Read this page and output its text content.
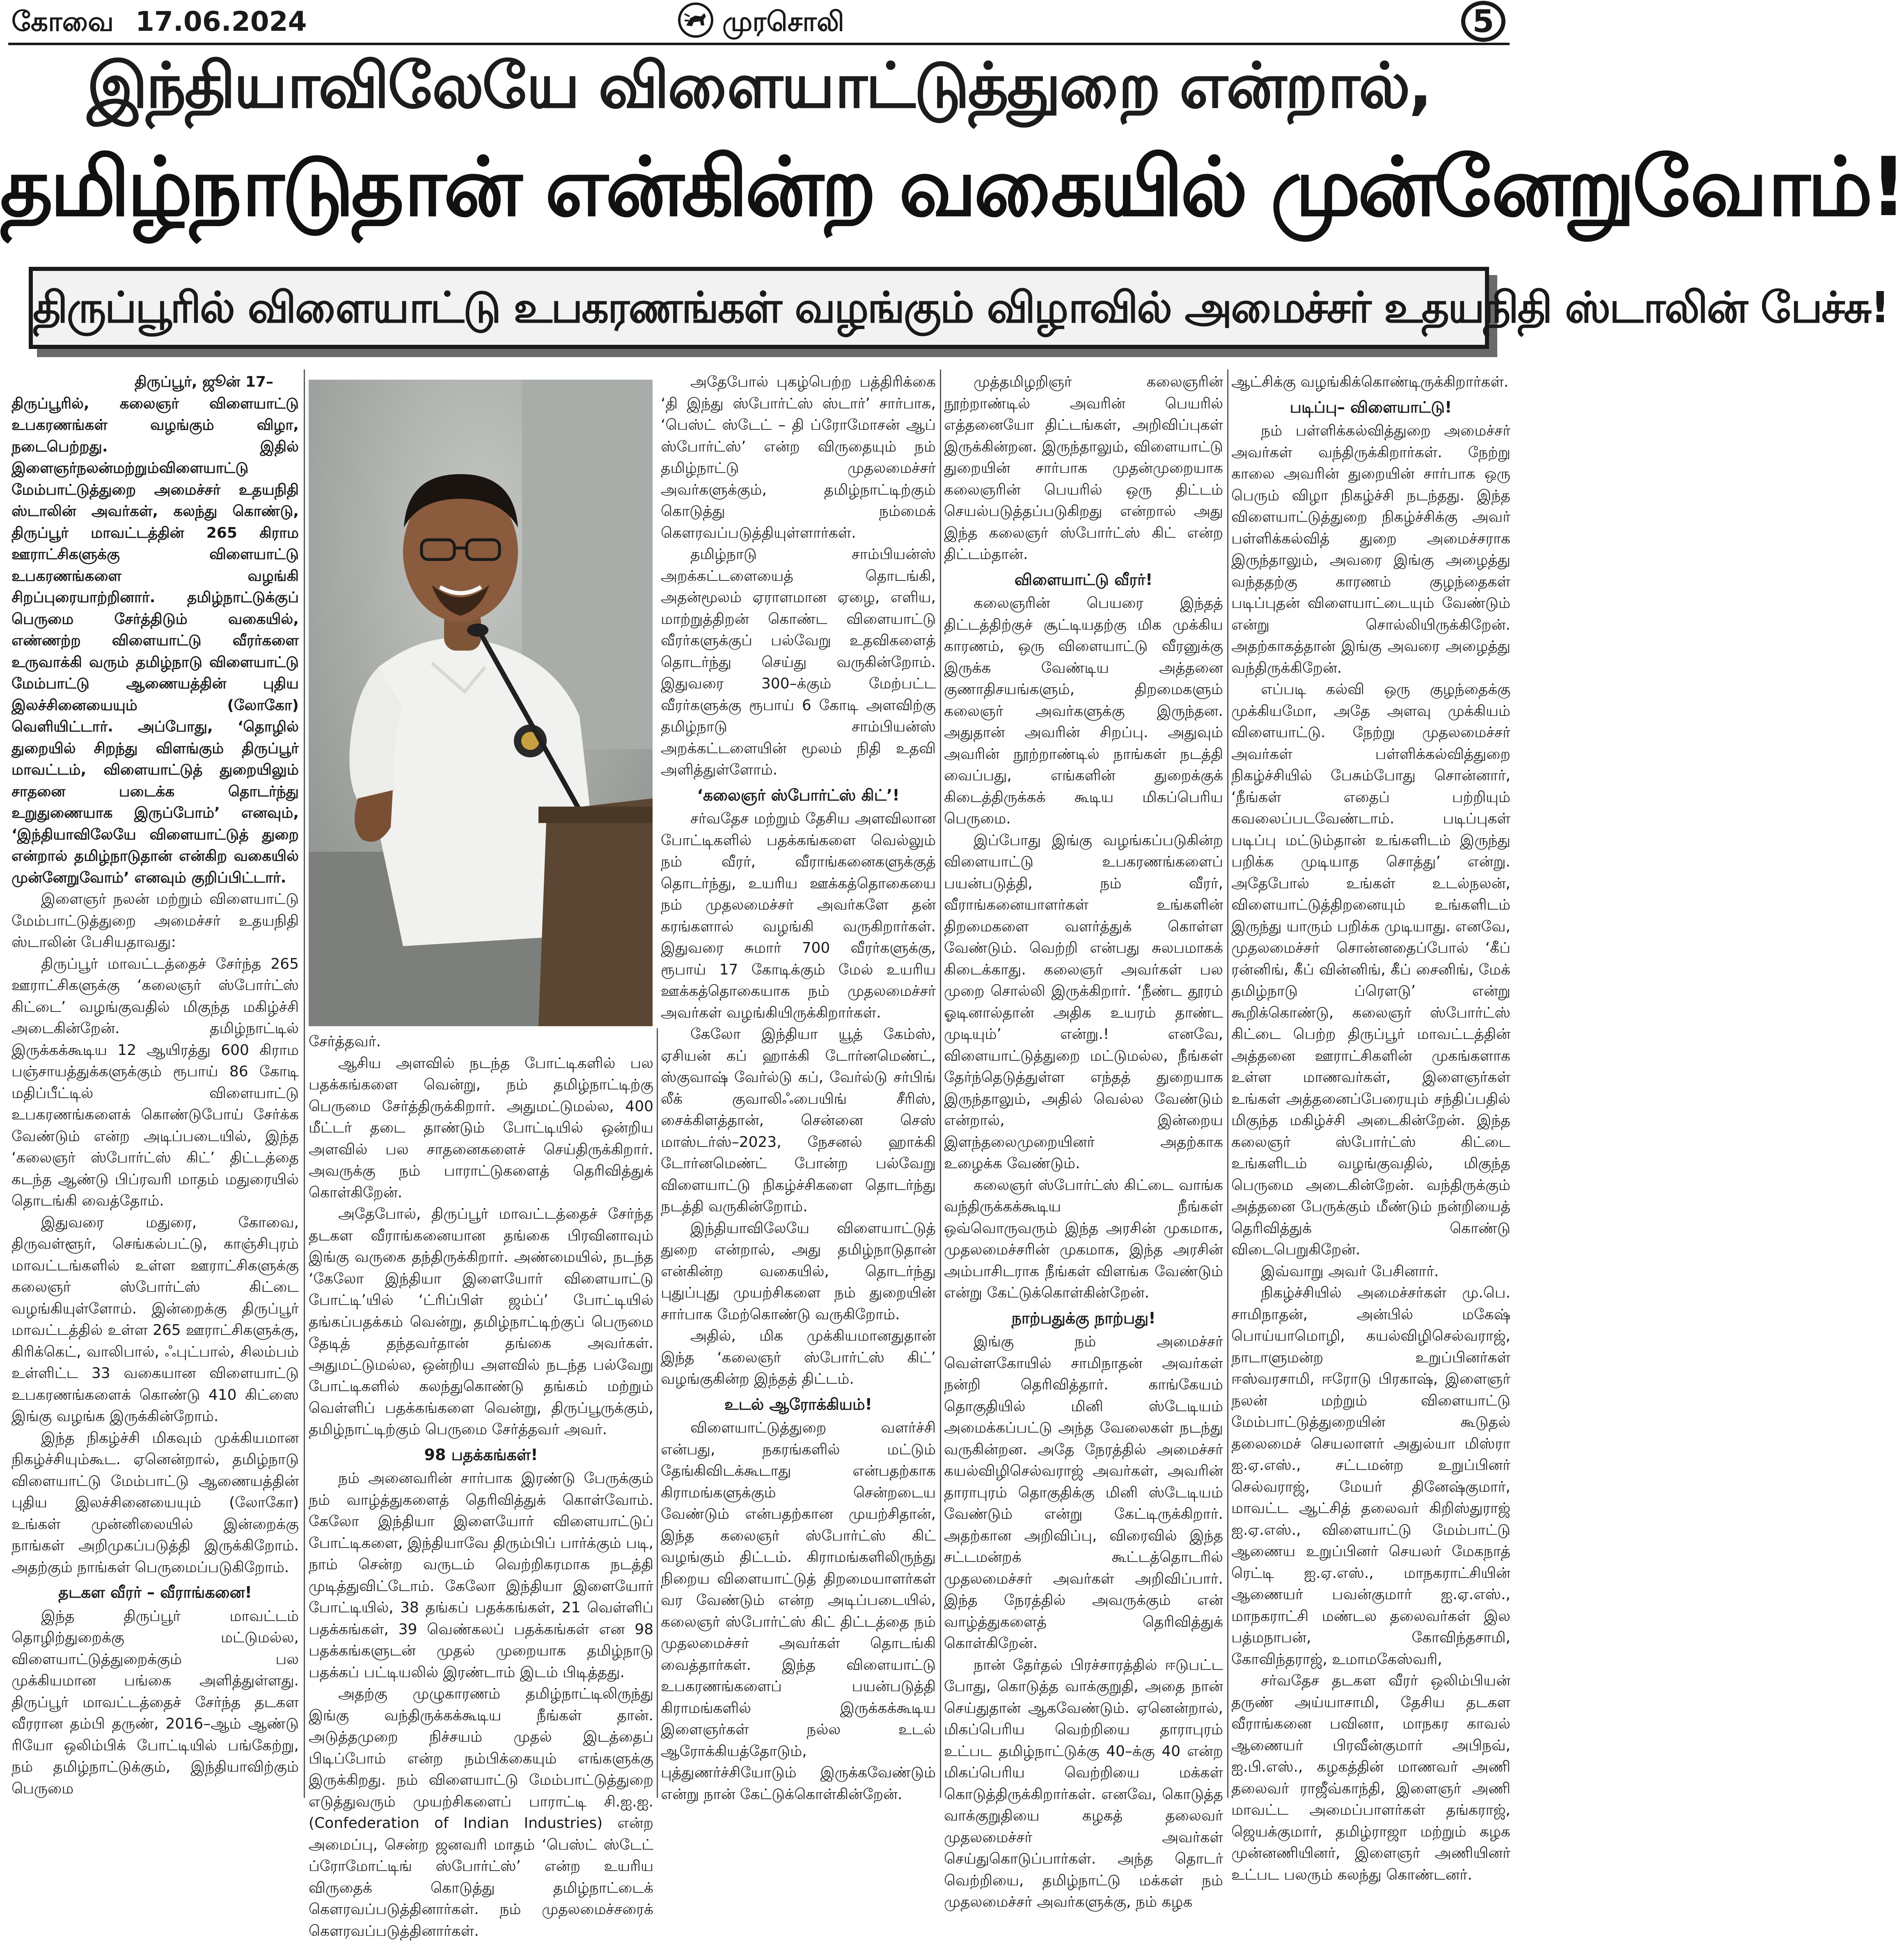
கோவை 17.06.2024	முரசொலி	5
இந்தியாவிலேயே விளையாட்டுத்துறை என்றால்,
தமிழ்நாடுதான் என்கின்ற வகையில் முன்னேறுவோம்!
திருப்பூரில் விளையாட்டு உபகரணங்கள் வழங்கும் விழாவில் அமைச்சர் உதயநிதி ஸ்டாலின் பேச்சு!

திருப்பூர், ஜூன் 17–

திருப்பூரில், கலைஞர் விளையாட்டு உபகரணங்கள் வழங்கும் விழா, நடைபெற்றது. இதில் இளைஞர்நலன்மற்றும்விளையாட்டு மேம்பாட்டுத்துறை அமைச்சர் உதயநிதி ஸ்டாலின் அவர்கள், கலந்து கொண்டு, திருப்பூர் மாவட்டத்தின் 265 கிராம ஊராட்சிகளுக்கு விளையாட்டு உபகரணங்களை வழங்கி சிறப்புரையாற்றினார். தமிழ்நாட்டுக்குப் பெருமை சேர்த்திடும் வகையில், எண்ணற்ற விளையாட்டு வீரர்களை உருவாக்கி வரும் தமிழ்நாடு விளையாட்டு மேம்பாட்டு ஆணையத்தின் புதிய இலச்சினையையும் (லோகோ) வெளியிட்டார். அப்போது, ‘தொழில் துறையில் சிறந்து விளங்கும் திருப்பூர் மாவட்டம், விளையாட்டுத் துறையிலும் சாதனை படைக்க தொடர்ந்து உறுதுணையாக இருப்போம்’ எனவும், ‘இந்தியாவிலேயே விளையாட்டுத் துறை என்றால் தமிழ்நாடுதான் என்கிற வகையில் முன்னேறுவோம்’ எனவும் குறிப்பிட்டார்.

இளைஞர் நலன் மற்றும் விளையாட்டு மேம்பாட்டுத்துறை அமைச்சர் உதயநிதி ஸ்டாலின் பேசியதாவது:

திருப்பூர் மாவட்டத்தைச் சேர்ந்த 265 ஊராட்சிகளுக்கு ‘கலைஞர் ஸ்போர்ட்ஸ் கிட்டை’ வழங்குவதில் மிகுந்த மகிழ்ச்சி அடைகின்றேன். தமிழ்நாட்டில் இருக்கக்கூடிய 12 ஆயிரத்து 600 கிராம பஞ்சாயத்துக்களுக்கும் ரூபாய் 86 கோடி மதிப்பீட்டில் விளையாட்டு உபகரணங்களைக் கொண்டுபோய் சேர்க்க வேண்டும் என்ற அடிப்படையில், இந்த ‘கலைஞர் ஸ்போர்ட்ஸ் கிட்’ திட்டத்தை கடந்த ஆண்டு பிப்ரவரி மாதம் மதுரையில் தொடங்கி வைத்தோம்.

இதுவரை மதுரை, கோவை, திருவள்ளூர், செங்கல்பட்டு, காஞ்சிபுரம் மாவட்டங்களில் உள்ள ஊராட்சிகளுக்கு கலைஞர் ஸ்போர்ட்ஸ் கிட்டை வழங்கியுள்ளோம். இன்றைக்கு திருப்பூர் மாவட்டத்தில் உள்ள 265 ஊராட்சிகளுக்கு, கிரிக்கெட், வாலிபால், ஃபுட்பால், சிலம்பம் உள்ளிட்ட 33 வகையான விளையாட்டு உபகரணங்களைக் கொண்டு 410 கிட்ஸை இங்கு வழங்க இருக்கின்றோம்.

இந்த நிகழ்ச்சி மிகவும் முக்கியமான நிகழ்ச்சியும்கூட. ஏனென்றால், தமிழ்நாடு விளையாட்டு மேம்பாட்டு ஆணையத்தின் புதிய இலச்சினையையும் (லோகோ) உங்கள் முன்னிலையில் இன்றைக்கு நாங்கள் அறிமுகப்படுத்தி இருக்கிறோம். அதற்கும் நாங்கள் பெருமைப்படுகிறோம்.

தடகள வீரர் – வீராங்கனை!

இந்த திருப்பூர் மாவட்டம் தொழிற்துறைக்கு மட்டுமல்ல, விளையாட்டுத்துறைக்கும் பல முக்கியமான பங்கை அளித்துள்ளது. திருப்பூர் மாவட்டத்தைச் சேர்ந்த தடகள வீரரான தம்பி தருண், 2016–ஆம் ஆண்டு ரியோ ஒலிம்பிக் போட்டியில் பங்கேற்று, நம் தமிழ்நாட்டுக்கும், இந்தியாவிற்கும் பெருமை

சேர்த்தவர்.

ஆசிய அளவில் நடந்த போட்டிகளில் பல பதக்கங்களை வென்று, நம் தமிழ்நாட்டிற்கு பெருமை சேர்த்திருக்கிறார். அதுமட்டுமல்ல, 400 மீட்டர் தடை தாண்டும் போட்டியில் ஒன்றிய அளவில் பல சாதனைகளைச் செய்திருக்கிறார். அவருக்கு நம் பாராட்டுகளைத் தெரிவித்துக் கொள்கிறேன்.

அதேபோல், திருப்பூர் மாவட்டத்தைச் சேர்ந்த தடகள வீராங்கனையான தங்கை பிரவினாவும் இங்கு வருகை தந்திருக்கிறார். அண்மையில், நடந்த ‘கேலோ இந்தியா இளையோர் விளையாட்டு போட்டி’யில் ‘ட்ரிப்பிள் ஜம்ப்’ போட்டியில் தங்கப்பதக்கம் வென்று, தமிழ்நாட்டிற்குப் பெருமை தேடித் தந்தவர்தான் தங்கை அவர்கள். அதுமட்டுமல்ல, ஒன்றிய அளவில் நடந்த பல்வேறு போட்டிகளில் கலந்துகொண்டு தங்கம் மற்றும் வெள்ளிப் பதக்கங்களை வென்று, திருப்பூருக்கும், தமிழ்நாட்டிற்கும் பெருமை சேர்த்தவர் அவர்.

98 பதக்கங்கள்!

நம் அனைவரின் சார்பாக இரண்டு பேருக்கும் நம் வாழ்த்துகளைத் தெரிவித்துக் கொள்வோம். கேலோ இந்தியா இளையோர் விளையாட்டுப் போட்டிகளை, இந்தியாவே திரும்பிப் பார்க்கும் படி, நாம் சென்ற வருடம் வெற்றிகரமாக நடத்தி முடித்துவிட்டோம். கேலோ இந்தியா இளையோர் போட்டியில், 38 தங்கப் பதக்கங்கள், 21 வெள்ளிப் பதக்கங்கள், 39 வெண்கலப் பதக்கங்கள் என 98 பதக்கங்களுடன் முதல் முறையாக தமிழ்நாடு பதக்கப் பட்டியலில் இரண்டாம் இடம் பிடித்தது.

அதற்கு முழுகாரணம் தமிழ்நாட்டிலிருந்து இங்கு வந்திருக்கக்கூடிய நீங்கள் தான். அடுத்தமுறை நிச்சயம் முதல் இடத்தைப் பிடிப்போம் என்ற நம்பிக்கையும் எங்களுக்கு இருக்கிறது. நம் விளையாட்டு மேம்பாட்டுத்துறை எடுத்துவரும் முயற்சிகளைப் பாராட்டி சி.ஐ.ஐ. (Confederation of Indian Industries) என்ற அமைப்பு, சென்ற ஜனவரி மாதம் ‘பெஸ்ட் ஸ்டேட் ப்ரோமோட்டிங் ஸ்போர்ட்ஸ்’ என்ற உயரிய விருதைக் கொடுத்து தமிழ்நாட்டைக் கௌரவப்படுத்தினார்கள். நம் முதலமைச்சரைக் கௌரவப்படுத்தினார்கள்.

அதேபோல் புகழ்பெற்ற பத்திரிக்கை ‘தி இந்து ஸ்போர்ட்ஸ் ஸ்டார்’ சார்பாக, ‘பெஸ்ட் ஸ்டேட் – தி ப்ரோமோசன் ஆப் ஸ்போர்ட்ஸ்’ என்ற விருதையும் நம் தமிழ்நாட்டு முதலமைச்சர் அவர்களுக்கும், தமிழ்நாட்டிற்கும் கொடுத்து நம்மைக் கௌரவப்படுத்தியுள்ளார்கள்.

தமிழ்நாடு சாம்பியன்ஸ் அறக்கட்டளையைத் தொடங்கி, அதன்மூலம் ஏராளமான ஏழை, எளிய, மாற்றுத்திறன் கொண்ட விளையாட்டு வீரர்களுக்குப் பல்வேறு உதவிகளைத் தொடர்ந்து செய்து வருகின்றோம். இதுவரை 300–க்கும் மேற்பட்ட வீரர்களுக்கு ரூபாய் 6 கோடி அளவிற்கு தமிழ்நாடு சாம்பியன்ஸ் அறக்கட்டளையின் மூலம் நிதி உதவி அளித்துள்ளோம்.

‘கலைஞர் ஸ்போர்ட்ஸ் கிட்’!

சர்வதேச மற்றும் தேசிய அளவிலான போட்டிகளில் பதக்கங்களை வெல்லும் நம் வீரர், வீராங்கனைகளுக்குத் தொடர்ந்து, உயரிய ஊக்கத்தொகையை நம் முதலமைச்சர் அவர்களே தன் கரங்களால் வழங்கி வருகிறார்கள். இதுவரை சுமார் 700 வீரர்களுக்கு, ரூபாய் 17 கோடிக்கும் மேல் உயரிய ஊக்கத்தொகையாக நம் முதலமைச்சர் அவர்கள் வழங்கியிருக்கிறார்கள்.

கேலோ இந்தியா யூத் கேம்ஸ், ஏசியன் கப் ஹாக்கி டோர்னமெண்ட், ஸ்குவாஷ் வேர்ல்டு கப், வேர்ல்டு சர்பிங் லீக் குவாலிஃபையிங் சீரிஸ், சைக்கிளத்தான், சென்னை செஸ் மாஸ்டர்ஸ்–2023, நேசனல் ஹாக்கி டோர்னமெண்ட் போன்ற பல்வேறு விளையாட்டு நிகழ்ச்சிகளை தொடர்ந்து நடத்தி வருகின்றோம்.

இந்தியாவிலேயே விளையாட்டுத் துறை என்றால், அது தமிழ்நாடுதான் என்கின்ற வகையில், தொடர்ந்து புதுப்புது முயற்சிகளை நம் துறையின் சார்பாக மேற்கொண்டு வருகிறோம்.

அதில், மிக முக்கியமானதுதான் இந்த ‘கலைஞர் ஸ்போர்ட்ஸ் கிட்’ வழங்குகின்ற இந்தத் திட்டம்.

உடல் ஆரோக்கியம்!

விளையாட்டுத்துறை வளர்ச்சி என்பது, நகரங்களில் மட்டும் தேங்கிவிடக்கூடாது என்பதற்காக கிராமங்களுக்கும் சென்றடைய வேண்டும் என்பதற்கான முயற்சிதான், இந்த கலைஞர் ஸ்போர்ட்ஸ் கிட் வழங்கும் திட்டம். கிராமங்களிலிருந்து நிறைய விளையாட்டுத் திறமையாளர்கள் வர வேண்டும் என்ற அடிப்படையில், கலைஞர் ஸ்போர்ட்ஸ் கிட் திட்டத்தை நம் முதலமைச்சர் அவர்கள் தொடங்கி வைத்தார்கள். இந்த விளையாட்டு உபகரணங்களைப் பயன்படுத்தி கிராமங்களில் இருக்கக்கூடிய இளைஞர்கள் நல்ல உடல் ஆரோக்கியத்தோடும், புத்துணர்ச்சியோடும் இருக்கவேண்டும் என்று நான் கேட்டுக்கொள்கின்றேன்.

முத்தமிழறிஞர் கலைஞரின் நூற்றாண்டில் அவரின் பெயரில் எத்தனையோ திட்டங்கள், அறிவிப்புகள் இருக்கின்றன. இருந்தாலும், விளையாட்டு துறையின் சார்பாக முதன்முறையாக கலைஞரின் பெயரில் ஒரு திட்டம் செயல்படுத்தப்படுகிறது என்றால் அது இந்த கலைஞர் ஸ்போர்ட்ஸ் கிட் என்ற திட்டம்தான்.

விளையாட்டு வீரர்!

கலைஞரின் பெயரை இந்தத் திட்டத்திற்குச் சூட்டியதற்கு மிக முக்கிய காரணம், ஒரு விளையாட்டு வீரனுக்கு இருக்க வேண்டிய அத்தனை குணாதிசயங்களும், திறமைகளும் கலைஞர் அவர்களுக்கு இருந்தன. அதுதான் அவரின் சிறப்பு. அதுவும் அவரின் நூற்றாண்டில் நாங்கள் நடத்தி வைப்பது, எங்களின் துறைக்குக் கிடைத்திருக்கக் கூடிய மிகப்பெரிய பெருமை.

இப்போது இங்கு வழங்கப்படுகின்ற விளையாட்டு உபகரணங்களைப் பயன்படுத்தி, நம் வீரர், வீராங்கனையாளர்கள் உங்களின் திறமைகளை வளர்த்துக் கொள்ள வேண்டும். வெற்றி என்பது சுலபமாகக் கிடைக்காது. கலைஞர் அவர்கள் பல முறை சொல்லி இருக்கிறார். ‘நீண்ட தூரம் ஓடினால்தான் அதிக உயரம் தாண்ட முடியும்’ என்று.! எனவே, விளையாட்டுத்துறை மட்டுமல்ல, நீங்கள் தேர்ந்தெடுத்துள்ள எந்தத் துறையாக இருந்தாலும், அதில் வெல்ல வேண்டும் என்றால், இன்றைய இளந்தலைமுறையினர் அதற்காக உழைக்க வேண்டும்.

கலைஞர் ஸ்போர்ட்ஸ் கிட்டை வாங்க வந்திருக்கக்கூடிய நீங்கள் ஒவ்வொருவரும் இந்த அரசின் முகமாக, முதலமைச்சரின் முகமாக, இந்த அரசின் அம்பாசிடராக நீங்கள் விளங்க வேண்டும் என்று கேட்டுக்கொள்கின்றேன்.

நாற்பதுக்கு நாற்பது!

இங்கு நம் அமைச்சர் வெள்ளகோயில் சாமிநாதன் அவர்கள் நன்றி தெரிவித்தார். காங்கேயம் தொகுதியில் மினி ஸ்டேடியம் அமைக்கப்பட்டு அந்த வேலைகள் நடந்து வருகின்றன. அதே நேரத்தில் அமைச்சர் கயல்விழிசெல்வராஜ் அவர்கள், அவரின் தாராபுரம் தொகுதிக்கு மினி ஸ்டேடியம் வேண்டும் என்று கேட்டிருக்கிறார். அதற்கான அறிவிப்பு, விரைவில் இந்த சட்டமன்றக் கூட்டத்தொடரில் முதலமைச்சர் அவர்கள் அறிவிப்பார். இந்த நேரத்தில் அவருக்கும் என் வாழ்த்துகளைத் தெரிவித்துக் கொள்கிறேன்.

நான் தேர்தல் பிரச்சாரத்தில் ஈடுபட்ட போது, கொடுத்த வாக்குறுதி, அதை நான் செய்துதான் ஆகவேண்டும். ஏனென்றால், மிகப்பெரிய வெற்றியை தாராபுரம் உட்பட தமிழ்நாட்டுக்கு 40–க்கு 40 என்ற மிகப்பெரிய வெற்றியை மக்கள் கொடுத்திருக்கிறார்கள். எனவே, கொடுத்த வாக்குறுதியை கழகத் தலைவர் முதலமைச்சர் அவர்கள் செய்துகொடுப்பார்கள். அந்த தொடர் வெற்றியை, தமிழ்நாட்டு மக்கள் நம் முதலமைச்சர் அவர்களுக்கு, நம் கழக

ஆட்சிக்கு வழங்கிக்கொண்டிருக்கிறார்கள்.

படிப்பு– விளையாட்டு!

நம் பள்ளிக்கல்வித்துறை அமைச்சர் அவர்கள் வந்திருக்கிறார்கள். நேற்று காலை அவரின் துறையின் சார்பாக ஒரு பெரும் விழா நிகழ்ச்சி நடந்தது. இந்த விளையாட்டுத்துறை நிகழ்ச்சிக்கு அவர் பள்ளிக்கல்வித் துறை அமைச்சராக இருந்தாலும், அவரை இங்கு அழைத்து வந்ததற்கு காரணம் குழந்தைகள் படிப்புதன் விளையாட்டையும் வேண்டும் என்று சொல்லியிருக்கிறேன். அதற்காகத்தான் இங்கு அவரை அழைத்து வந்திருக்கிறேன்.

எப்படி கல்வி ஒரு குழந்தைக்கு முக்கியமோ, அதே அளவு முக்கியம் விளையாட்டு. நேற்று முதலமைச்சர் அவர்கள் பள்ளிக்கல்வித்துறை நிகழ்ச்சியில் பேசும்போது சொன்னார், ‘நீங்கள் எதைப் பற்றியும் கவலைப்படவேண்டாம். படிப்புகள் படிப்பு மட்டும்தான் உங்களிடம் இருந்து பறிக்க முடியாத சொத்து’ என்று. அதேபோல் உங்கள் உடல்நலன், விளையாட்டுத்திறனையும் உங்களிடம் இருந்து யாரும் பறிக்க முடியாது. எனவே, முதலமைச்சர் சொன்னதைப்போல் ‘கீப் ரன்னிங், கீப் வின்னிங், கீப் சைனிங், மேக் தமிழ்நாடு ப்ரௌடு’ என்று கூறிக்கொண்டு, கலைஞர் ஸ்போர்ட்ஸ் கிட்டை பெற்ற திருப்பூர் மாவட்டத்தின் அத்தனை ஊராட்சிகளின் முகங்களாக உள்ள மாணவர்கள், இளைஞர்கள் உங்கள் அத்தனைப்பேரையும் சந்திப்பதில் மிகுந்த மகிழ்ச்சி அடைகின்றேன். இந்த கலைஞர் ஸ்போர்ட்ஸ் கிட்டை உங்களிடம் வழங்குவதில், மிகுந்த பெருமை அடைகின்றேன். வந்திருக்கும் அத்தனை பேருக்கும் மீண்டும் நன்றியைத் தெரிவித்துக் கொண்டு விடைபெறுகிறேன்.

இவ்வாறு அவர் பேசினார்.

நிகழ்ச்சியில் அமைச்சர்கள் மு.பெ. சாமிநாதன், அன்பில் மகேஷ் பொய்யாமொழி, கயல்விழிசெல்வராஜ், நாடாளுமன்ற உறுப்பினர்கள் ஈஸ்வரசாமி, ஈரோடு பிரகாஷ், இளைஞர் நலன் மற்றும் விளையாட்டு மேம்பாட்டுத்துறையின் கூடுதல் தலைமைச் செயலாளர் அதுல்யா மிஸ்ரா ஐ.ஏ.எஸ்., சட்டமன்ற உறுப்பினர் செல்வராஜ், மேயர் தினேஷ்குமார், மாவட்ட ஆட்சித் தலைவர் கிறிஸ்துராஜ் ஐ.ஏ.எஸ்., விளையாட்டு மேம்பாட்டு ஆணைய உறுப்பினர் செயலர் மேகநாத் ரெட்டி ஐ.ஏ.எஸ்., மாநகராட்சியின் ஆணையர் பவன்குமார் ஐ.ஏ.எஸ்., மாநகராட்சி மண்டல தலைவர்கள் இல பத்மநாபன், கோவிந்தசாமி, கோவிந்தராஜ், உமாமகேஸ்வரி,

சர்வதேச தடகள வீரர் ஒலிம்பியன் தருண் அய்யாசாமி, தேசிய தடகள வீராங்கனை பவினா, மாநகர காவல் ஆணையர் பிரவீன்குமார் அபிநவ், ஐ.பி.எஸ்., கழகத்தின் மாணவர் அணி தலைவர் ராஜீவ்காந்தி, இளைஞர் அணி மாவட்ட அமைப்பாளர்கள் தங்கராஜ், ஜெயக்குமார், தமிழ்ராஜா மற்றும் கழக முன்னணியினர், இளைஞர் அணியினர் உட்பட பலரும் கலந்து கொண்டனர்.
